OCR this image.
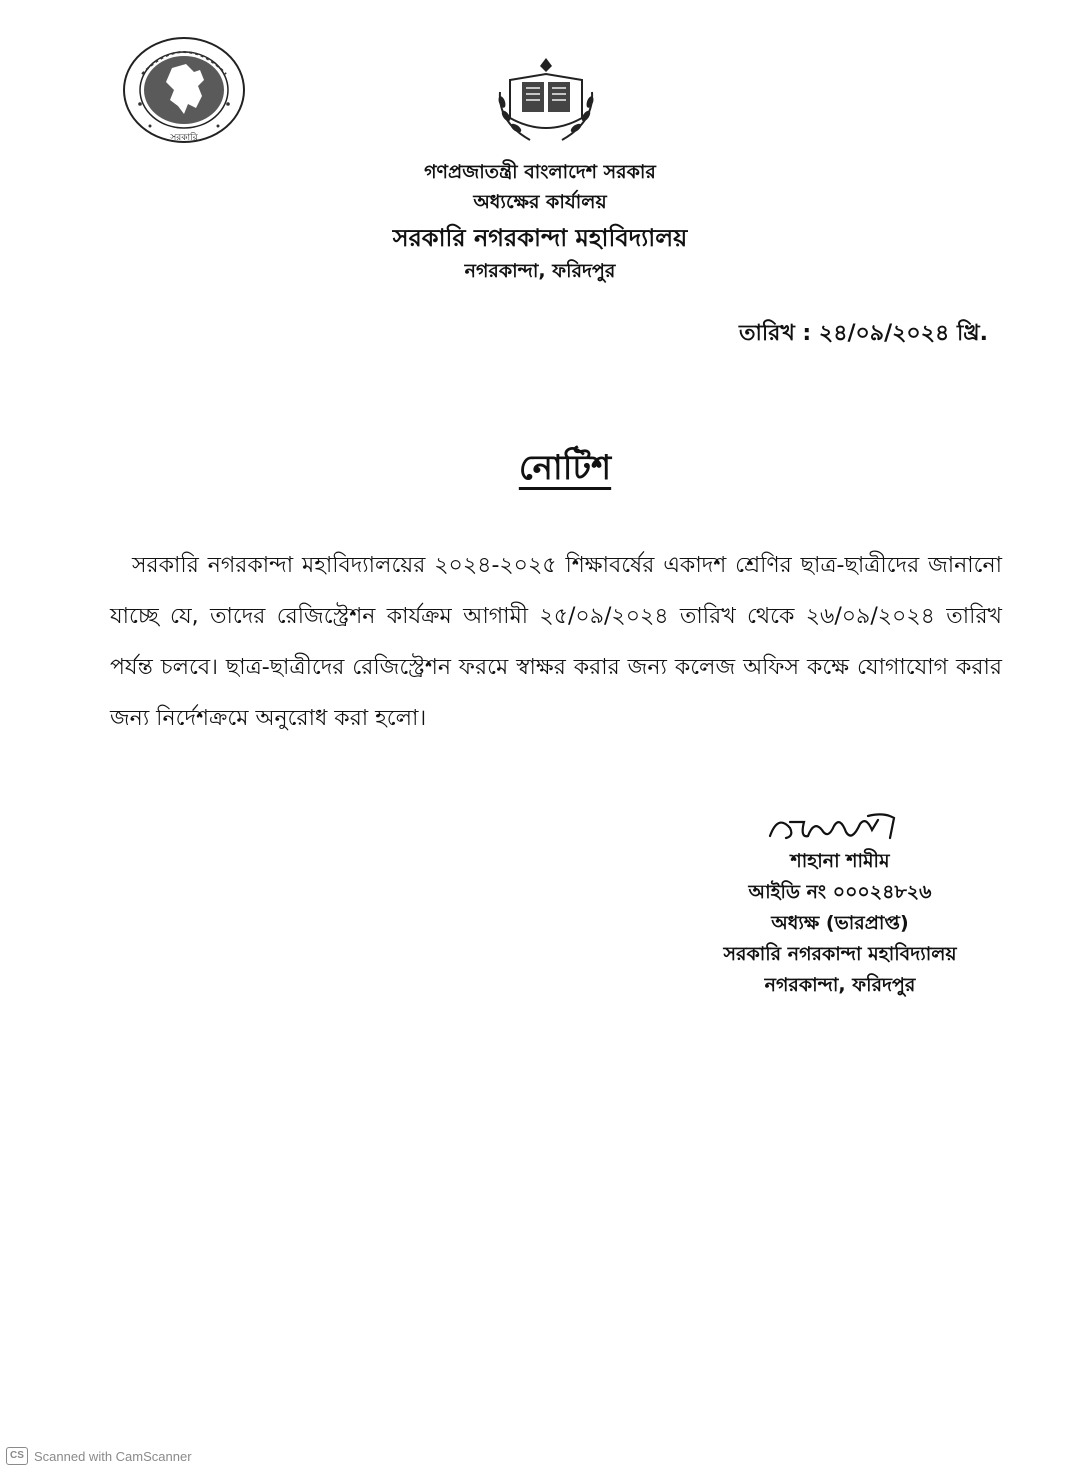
সরকারি
গণপ্রজাতন্ত্রী বাংলাদেশ সরকার
অধ্যক্ষের কার্যালয়
সরকারি নগরকান্দা মহাবিদ্যালয়
নগরকান্দা, ফরিদপুর
তারিখ : ২৪/০৯/২০২৪ খ্রি.
নোটিশ
সরকারি নগরকান্দা মহাবিদ্যালয়ের ২০২৪-২০২৫ শিক্ষাবর্ষের একাদশ শ্রেণির ছাত্র-ছাত্রীদের জানানো যাচ্ছে যে, তাদের রেজিস্ট্রেশন কার্যক্রম আগামী ২৫/০৯/২০২৪ তারিখ থেকে ২৬/০৯/২০২৪ তারিখ পর্যন্ত চলবে। ছাত্র-ছাত্রীদের রেজিস্ট্রেশন ফরমে স্বাক্ষর করার জন্য কলেজ অফিস কক্ষে যোগাযোগ করার জন্য নির্দেশক্রমে অনুরোধ করা হলো।
শাহানা শামীম
আইডি নং ০০০২৪৮২৬
অধ্যক্ষ (ভারপ্রাপ্ত)
সরকারি নগরকান্দা মহাবিদ্যালয়
নগরকান্দা, ফরিদপুর
CS Scanned with CamScanner
